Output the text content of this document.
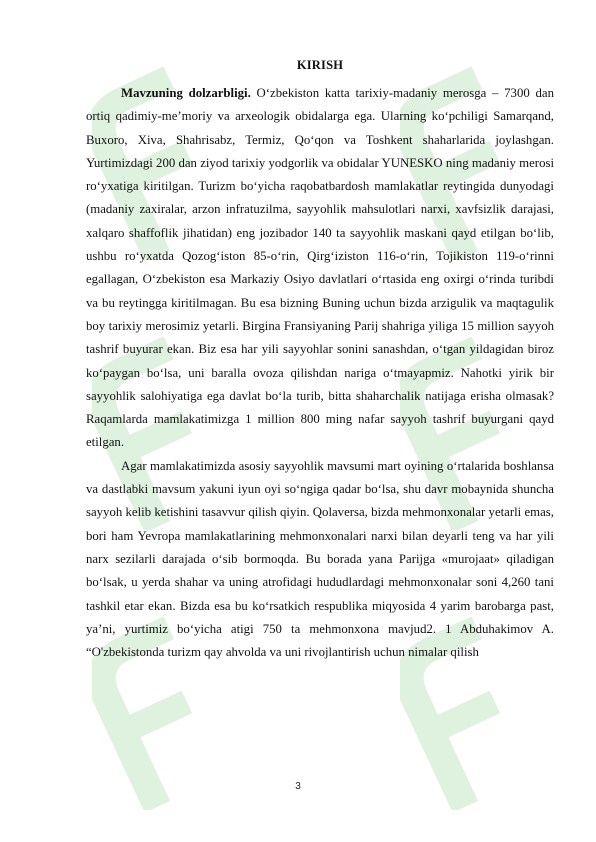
KIRISH

Mavzuning dolzarbligi. O‘zbekiston katta tarixiy-madaniy merosga – 7300 dan ortiq qadimiy-me’moriy va arxeologik obidalarga ega. Ularning ko‘pchiligi Samarqand, Buxoro, Xiva, Shahrisabz, Termiz, Qo‘qon va Toshkent shaharlarida joylashgan. Yurtimizdagi 200 dan ziyod tarixiy yodgorlik va obidalar YUNESKO ning madaniy merosi ro‘yxatiga kiritilgan. Turizm bo‘yicha raqobatbardosh mamlakatlar reytingida dunyodagi (madaniy zaxiralar, arzon infratuzilma, sayyohlik mahsulotlari narxi, xavfsizlik darajasi, xalqaro shaffoflik jihatidan) eng jozibador 140 ta sayyohlik maskani qayd etilgan bo‘lib, ushbu ro‘yxatda Qozog‘iston 85-o‘rin, Qirg‘iziston 116-o‘rin, Tojikiston 119-o‘rinni egallagan, O‘zbekiston esa Markaziy Osiyo davlatlari o‘rtasida eng oxirgi o‘rinda turibdi va bu reytingga kiritilmagan. Bu esa bizning Buning uchun bizda arzigulik va maqtagulik boy tarixiy merosimiz yetarli. Birgina Fransiyaning Parij shahriga yiliga 15 million sayyoh tashrif buyurar ekan. Biz esa har yili sayyohlar sonini sanashdan, o‘tgan yildagidan biroz ko‘paygan bo‘lsa, uni baralla ovoza qilishdan nariga o‘tmayapmiz. Nahotki yirik bir sayyohlik salohiyatiga ega davlat bo‘la turib, bitta shaharchalik natijaga erisha olmasak? Raqamlarda mamlakatimizga 1 million 800 ming nafar sayyoh tashrif buyurgani qayd etilgan.

Agar mamlakatimizda asosiy sayyohlik mavsumi mart oyining o‘rtalarida boshlansa va dastlabki mavsum yakuni iyun oyi so‘ngiga qadar bo‘lsa, shu davr mobaynida shuncha sayyoh kelib ketishini tasavvur qilish qiyin. Qolaversa, bizda mehmonxonalar yetarli emas, bori ham Yevropa mamlakatlarining mehmonxonalari narxi bilan deyarli teng va har yili narx sezilarli darajada o‘sib bormoqda. Bu borada yana Parijga «murojaat» qiladigan bo‘lsak, u yerda shahar va uning atrofidagi hududlardagi mehmonxonalar soni 4,260 tani tashkil etar ekan. Bizda esa bu ko‘rsatkich respublika miqyosida 4 yarim barobarga past, ya’ni, yurtimiz bo‘yicha atigi 750 ta mehmonxona mavjud2. 1 Abduhakimov A. “O'zbekistonda turizm qay ahvolda va uni rivojlantirish uchun nimalar qilish

3
